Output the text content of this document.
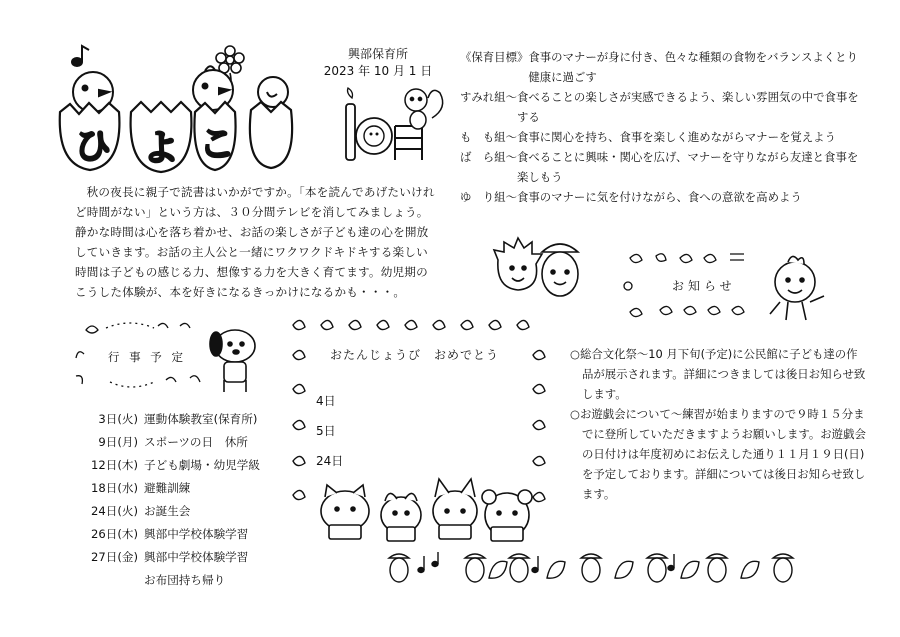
ひ よ こ
興部保育所
2023 年 10 月 1 日
秋の夜長に親子で読書はいかがですか。「本を読んであげたいけれど時間がない」という方は、３０分間テレビを消してみましょう。静かな時間は心を落ち着かせ、お話の楽しさが子ども達の心を開放していきます。お話の主人公と一緒にワクワクドキドキする楽しい時間は子どもの感じる力、想像する力を大きく育てます。幼児期のこうした体験が、本を好きになるきっかけになるかも・・・。
《保育目標》 食事のマナーが身に付き、色々な種類の食物をバランスよくとり健康に過ごす
すみれ組～ 食べることの楽しさが実感できるよう、楽しい雰囲気の中で食事をする
も　も組～ 食事に関心を持ち、食事を楽しく進めながらマナーを覚えよう
ば　ら組～ 食べることに興味・関心を広げ、マナーを守りながら友達と食事を楽しもう
ゆ　り組～ 食事のマナーに気を付けながら、食への意欲を高めよう
お知らせ
行 事 予 定
3日(火) 運動体験教室(保育所)
9日(月) スポーツの日　休所
12日(木) 子ども劇場・幼児学級
18日(水) 避難訓練
24日(火) お誕生会
26日(木) 興部中学校体験学習
27日(金) 興部中学校体験学習
お布団持ち帰り
おたんじょうび　おめでとう
4日
5日
24日
○総合文化祭～10 月下旬(予定)に公民館に子ども達の作品が展示されます。詳細につきましては後日お知らせ致します。
○お遊戯会について～練習が始まりますので９時１５分までに登所していただきますようお願いします。お遊戯会の日付けは年度初めにお伝えした通り１１月１９日(日)を予定しております。詳細については後日お知らせ致します。
